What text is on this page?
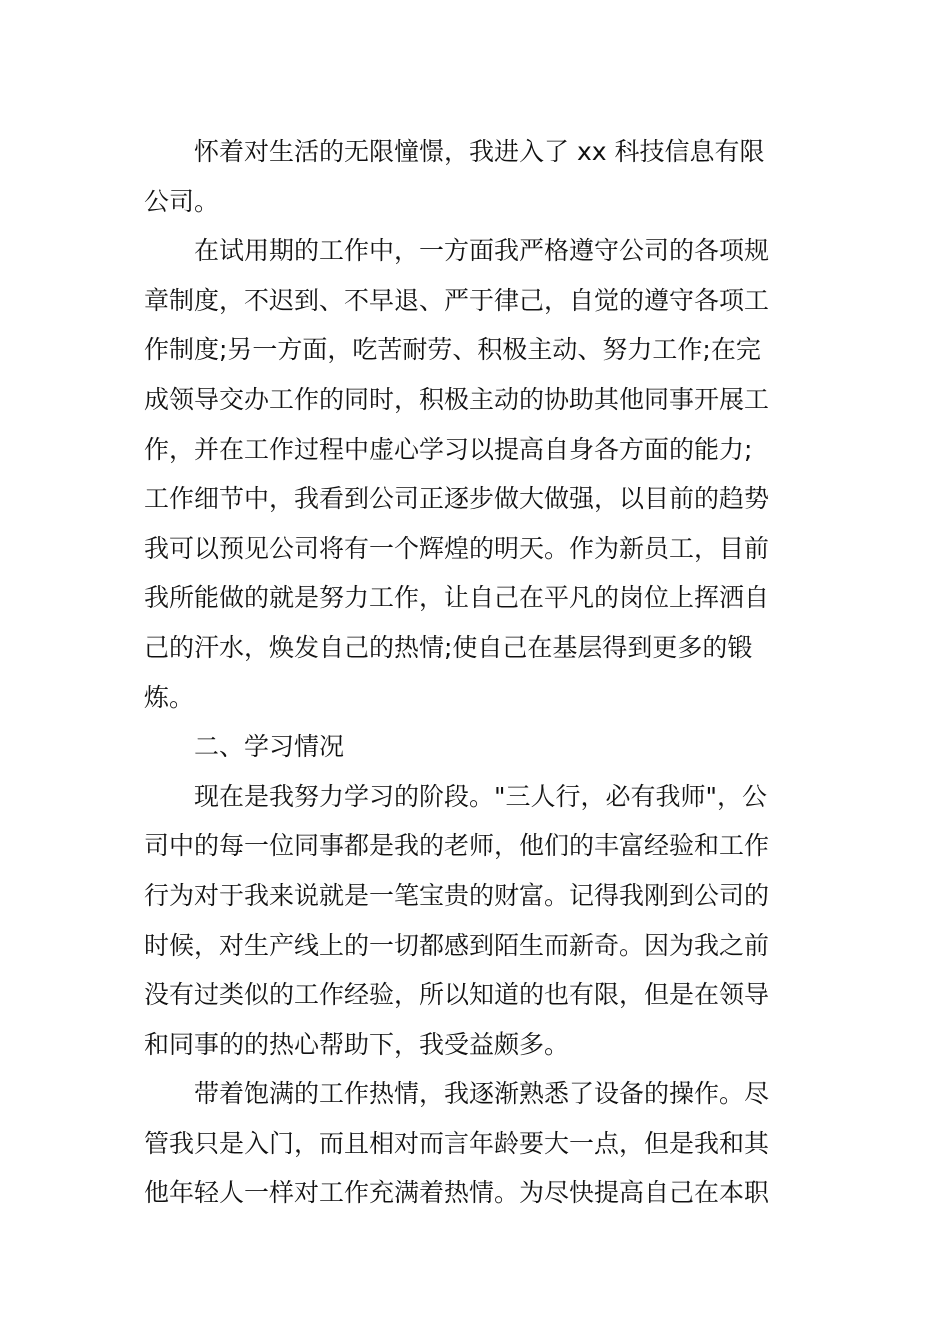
怀着对生活的无限憧憬，我进入了 xx 科技信息有限
公司。
在试用期的工作中，一方面我严格遵守公司的各项规
章制度，不迟到、不早退、严于律己，自觉的遵守各项工
作制度;另一方面，吃苦耐劳、积极主动、努力工作;在完
成领导交办工作的同时，积极主动的协助其他同事开展工
作，并在工作过程中虚心学习以提高自身各方面的能力;
工作细节中，我看到公司正逐步做大做强，以目前的趋势
我可以预见公司将有一个辉煌的明天。作为新员工，目前
我所能做的就是努力工作，让自己在平凡的岗位上挥洒自
己的汗水，焕发自己的热情;使自己在基层得到更多的锻
炼。
二、学习情况
现在是我努力学习的阶段。"三人行，必有我师"，公
司中的每一位同事都是我的老师，他们的丰富经验和工作
行为对于我来说就是一笔宝贵的财富。记得我刚到公司的
时候，对生产线上的一切都感到陌生而新奇。因为我之前
没有过类似的工作经验，所以知道的也有限，但是在领导
和同事的的热心帮助下，我受益颇多。
带着饱满的工作热情，我逐渐熟悉了设备的操作。尽
管我只是入门，而且相对而言年龄要大一点，但是我和其
他年轻人一样对工作充满着热情。为尽快提高自己在本职
